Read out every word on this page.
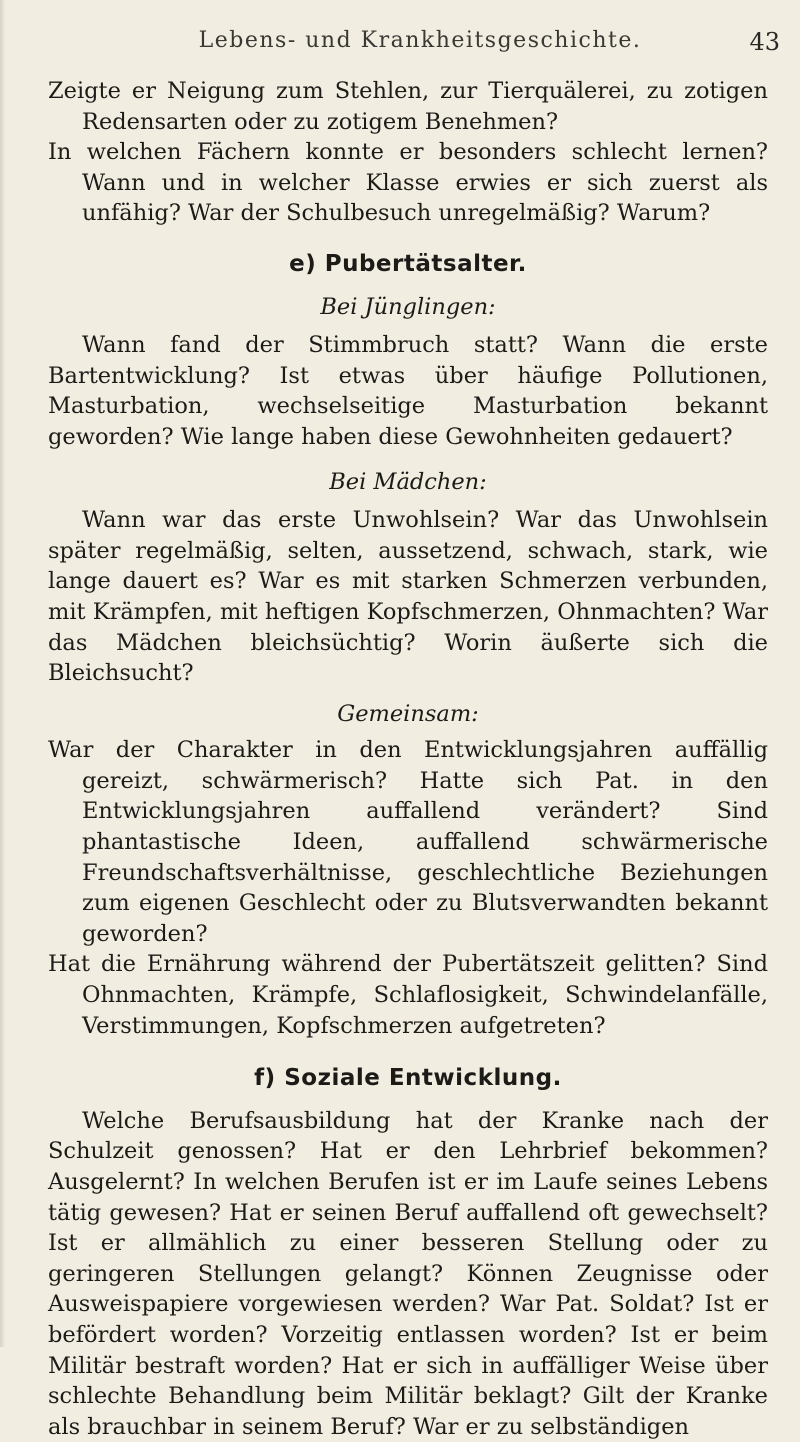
Lebens- und Krankheitsgeschichte.	43

Zeigte er Neigung zum Stehlen, zur Tierquälerei, zu zotigen Redensarten oder zu zotigem Benehmen?

In welchen Fächern konnte er besonders schlecht lernen? Wann und in welcher Klasse erwies er sich zuerst als unfähig? War der Schulbesuch unregelmäßig? Warum?

e) Pubertätsalter.
Bei Jünglingen:

Wann fand der Stimmbruch statt? Wann die erste Bartentwicklung? Ist etwas über häufige Pollutionen, Masturbation, wechselseitige Masturbation bekannt geworden? Wie lange haben diese Gewohnheiten gedauert?

Bei Mädchen:

Wann war das erste Unwohlsein? War das Unwohlsein später regelmäßig, selten, aussetzend, schwach, stark, wie lange dauert es? War es mit starken Schmerzen verbunden, mit Krämpfen, mit heftigen Kopfschmerzen, Ohnmachten? War das Mädchen bleichsüchtig? Worin äußerte sich die Bleichsucht?

Gemeinsam:

War der Charakter in den Entwicklungsjahren auffällig gereizt, schwärmerisch? Hatte sich Pat. in den Entwicklungsjahren auffallend verändert? Sind phantastische Ideen, auffallend schwärmerische Freundschaftsverhältnisse, geschlechtliche Beziehungen zum eigenen Geschlecht oder zu Blutsverwandten bekannt geworden?

Hat die Ernährung während der Pubertätszeit gelitten? Sind Ohnmachten, Krämpfe, Schlaflosigkeit, Schwindelanfälle, Verstimmungen, Kopfschmerzen aufgetreten?

f) Soziale Entwicklung.

Welche Berufsausbildung hat der Kranke nach der Schulzeit genossen? Hat er den Lehrbrief bekommen? Ausgelernt? In welchen Berufen ist er im Laufe seines Lebens tätig gewesen? Hat er seinen Beruf auffallend oft gewechselt? Ist er allmählich zu einer besseren Stellung oder zu geringeren Stellungen gelangt? Können Zeugnisse oder Ausweispapiere vorgewiesen werden? War Pat. Soldat? Ist er befördert worden? Vorzeitig entlassen worden? Ist er beim Militär bestraft worden? Hat er sich in auffälliger Weise über schlechte Behandlung beim Militär beklagt? Gilt der Kranke als brauchbar in seinem Beruf? War er zu selbständigen
